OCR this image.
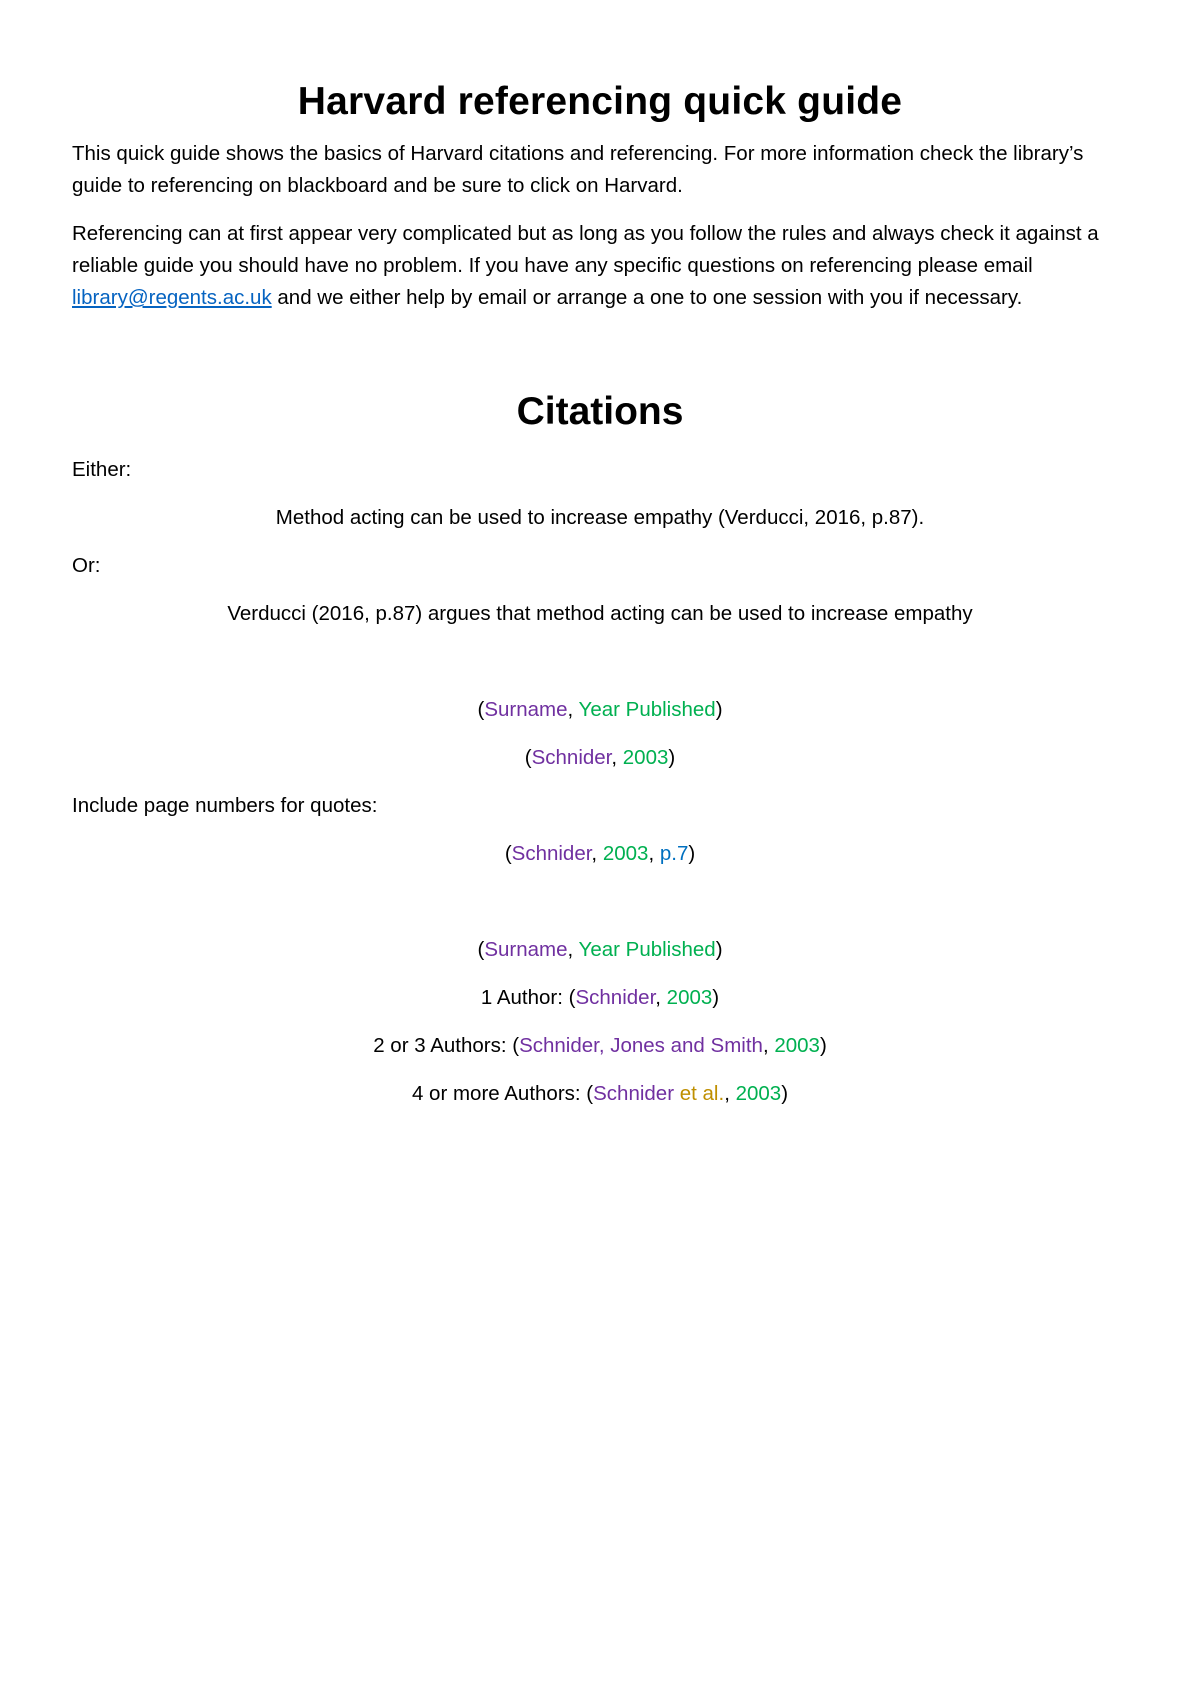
Harvard referencing quick guide

This quick guide shows the basics of Harvard citations and referencing. For more information check the library’s guide to referencing on blackboard and be sure to click on Harvard.

Referencing can at first appear very complicated but as long as you follow the rules and always check it against a reliable guide you should have no problem. If you have any specific questions on referencing please email library@regents.ac.uk and we either help by email or arrange a one to one session with you if necessary.

Citations

Either:

Method acting can be used to increase empathy (Verducci, 2016, p.87).

Or:

Verducci (2016, p.87) argues that method acting can be used to increase empathy

(Surname, Year Published)

(Schnider, 2003)

Include page numbers for quotes:

(Schnider, 2003, p.7)

(Surname, Year Published)

1 Author: (Schnider, 2003)

2 or 3 Authors: (Schnider, Jones and Smith, 2003)

4 or more Authors: (Schnider et al., 2003)
